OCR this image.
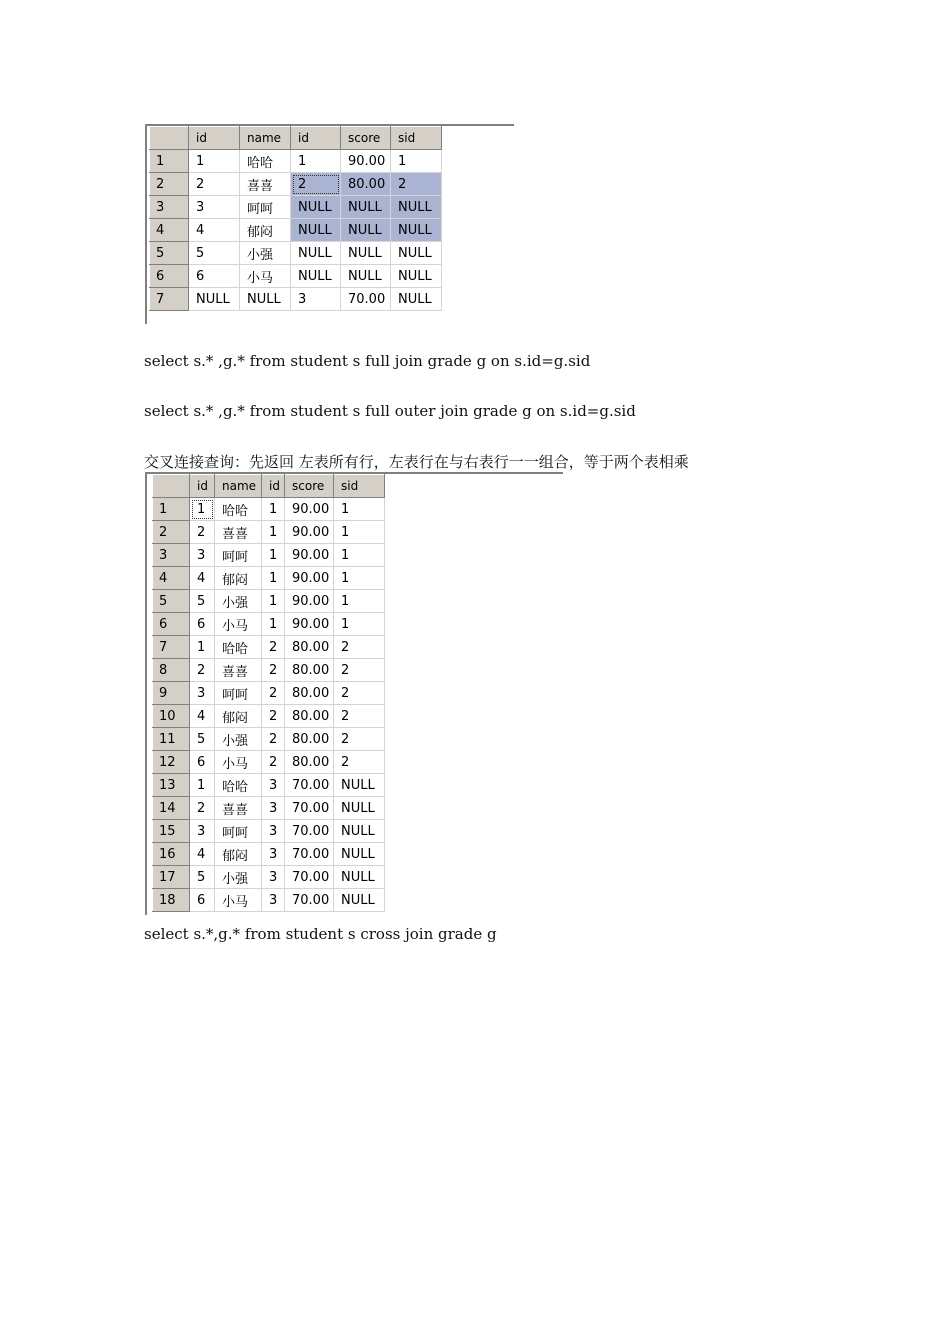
	id	name	id	score	sid
1	1	哈哈	1	90.00	1
2	2	喜喜	2	80.00	2
3	3	呵呵	NULL	NULL	NULL
4	4	郁闷	NULL	NULL	NULL
5	5	小强	NULL	NULL	NULL
6	6	小马	NULL	NULL	NULL
7	NULL	NULL	3	70.00	NULL
select s.* ,g.* from student s full join grade g on s.id=g.sid
select s.* ,g.* from student s full outer join grade g on s.id=g.sid
交叉连接查询：先返回 左表所有行，左表行在与右表行一一组合，等于两个表相乘
	id	name	id	score	sid
1	1	哈哈	1	90.00	1
2	2	喜喜	1	90.00	1
3	3	呵呵	1	90.00	1
4	4	郁闷	1	90.00	1
5	5	小强	1	90.00	1
6	6	小马	1	90.00	1
7	1	哈哈	2	80.00	2
8	2	喜喜	2	80.00	2
9	3	呵呵	2	80.00	2
10	4	郁闷	2	80.00	2
11	5	小强	2	80.00	2
12	6	小马	2	80.00	2
13	1	哈哈	3	70.00	NULL
14	2	喜喜	3	70.00	NULL
15	3	呵呵	3	70.00	NULL
16	4	郁闷	3	70.00	NULL
17	5	小强	3	70.00	NULL
18	6	小马	3	70.00	NULL
select s.*,g.* from student s cross join grade g
